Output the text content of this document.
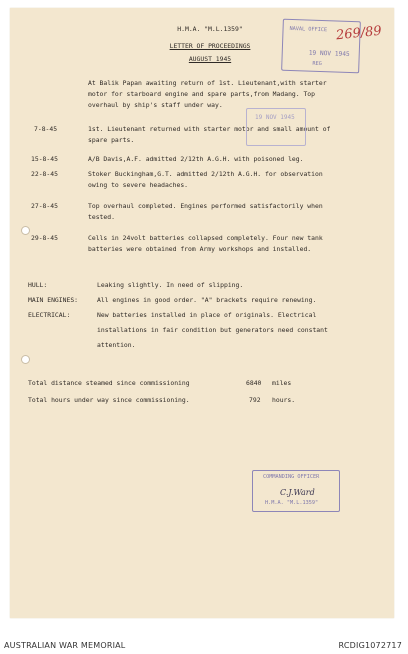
H.M.A. "M.L.1359"
LETTER OF PROCEEDINGS
AUGUST 1945
At Balik Papan awaiting return of 1st. Lieutenant,with starter
motor for starboard engine and spare parts,from Madang. Top
overhaul by ship's staff under way.
7-8-45	1st. Lieutenant returned with starter motor and small amount of
spare parts.
15-8-45	A/B Davis,A.F. admitted 2/12th A.G.H. with poisoned leg.
22-8-45	Stoker Buckingham,G.T. admitted 2/12th A.G.H. for observation
owing to severe headaches.
27-8-45	Top overhaul completed. Engines performed satisfactorily when
tested.
29-8-45	Cells in 24volt batteries collapsed completely. Four new tank
batteries were obtained from Army workshops and installed.
HULL:	Leaking slightly. In need of slipping.
MAIN ENGINES:	All engines in good order. "A" brackets require renewing.
ELECTRICAL:	New batteries installed in place of originals. Electrical
installations in fair condition but generators need constant
attention.
Total distance steamed since commissioning	6840 miles
Total hours under way since commissioning.	792 hours.
NAVAL OFFICE
19 NOV 1945
REG
269/89
19 NOV 1945
COMMANDING OFFICER
H.M.A. "M.L.1359"
C.J.Ward
AUSTRALIAN WAR MEMORIAL	RCDIG1072717
